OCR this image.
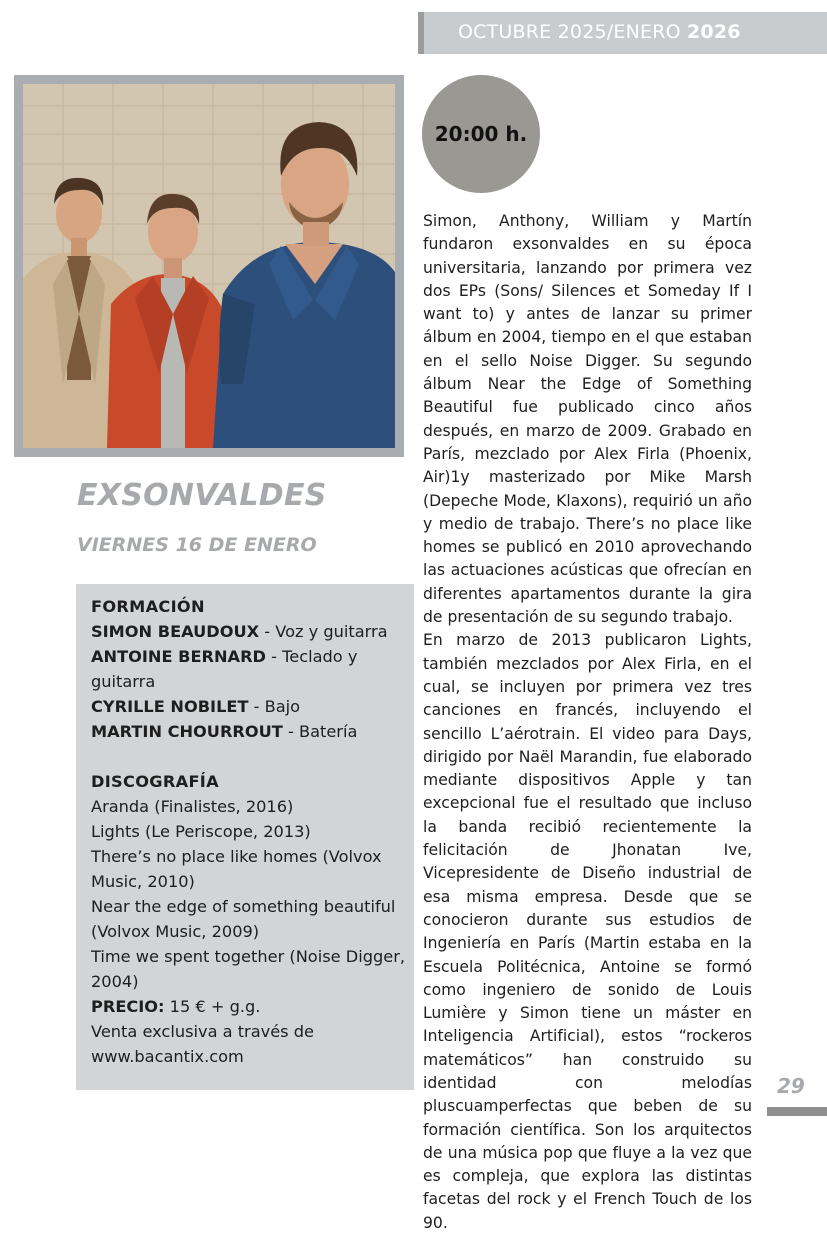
OCTUBRE 2025/ENERO 2026
20:00 h.
EXSONVALDES
VIERNES 16 DE ENERO
FORMACIÓN
SIMON BEAUDOUX - Voz y guitarra
ANTOINE BERNARD - Teclado y guitarra
CYRILLE NOBILET - Bajo
MARTIN CHOURROUT - Batería
DISCOGRAFÍA
Aranda (Finalistes, 2016)
Lights (Le Periscope, 2013)
There’s no place like homes (Volvox Music, 2010)
Near the edge of something beautiful (Volvox Music, 2009)
Time we spent together (Noise Digger, 2004)
PRECIO: 15 € + g.g.
Venta exclusiva a través de www.bacantix.com

Simon, Anthony, William y Martín fundaron exsonvaldes en su época universitaria, lanzando por primera vez dos EPs (Sons/ Silences et Someday If I want to) y antes de lanzar su primer álbum en 2004, tiempo en el que estaban en el sello Noise Digger. Su segundo álbum Near the Edge of Something Beautiful fue publicado cinco años después, en marzo de 2009. Grabado en París, mezclado por Alex Firla (Phoenix, Air)1y masterizado por Mike Marsh (Depeche Mode, Klaxons), requirió un año y medio de trabajo. There’s no place like homes se publicó en 2010 aprovechando las actuaciones acústicas que ofrecían en diferentes apartamentos durante la gira de presentación de su segundo trabajo.

En marzo de 2013 publicaron Lights, también mezclados por Alex Firla, en el cual, se incluyen por primera vez tres canciones en francés, incluyendo el sencillo L’aérotrain. El video para Days, dirigido por Naël Marandin, fue elaborado mediante dispositivos Apple y tan excepcional fue el resultado que incluso la banda recibió recientemente la felicitación de Jhonatan Ive, Vicepresidente de Diseño industrial de esa misma empresa. Desde que se conocieron durante sus estudios de Ingeniería en París (Martin estaba en la Escuela Politécnica, Antoine se formó como ingeniero de sonido de Louis Lumière y Simon tiene un máster en Inteligencia Artificial), estos “rockeros matemáticos” han construido su identidad con melodías pluscuamperfectas que beben de su formación científica. Son los arquitectos de una música pop que fluye a la vez que es compleja, que explora las distintas facetas del rock y el French Touch de los 90.

29
